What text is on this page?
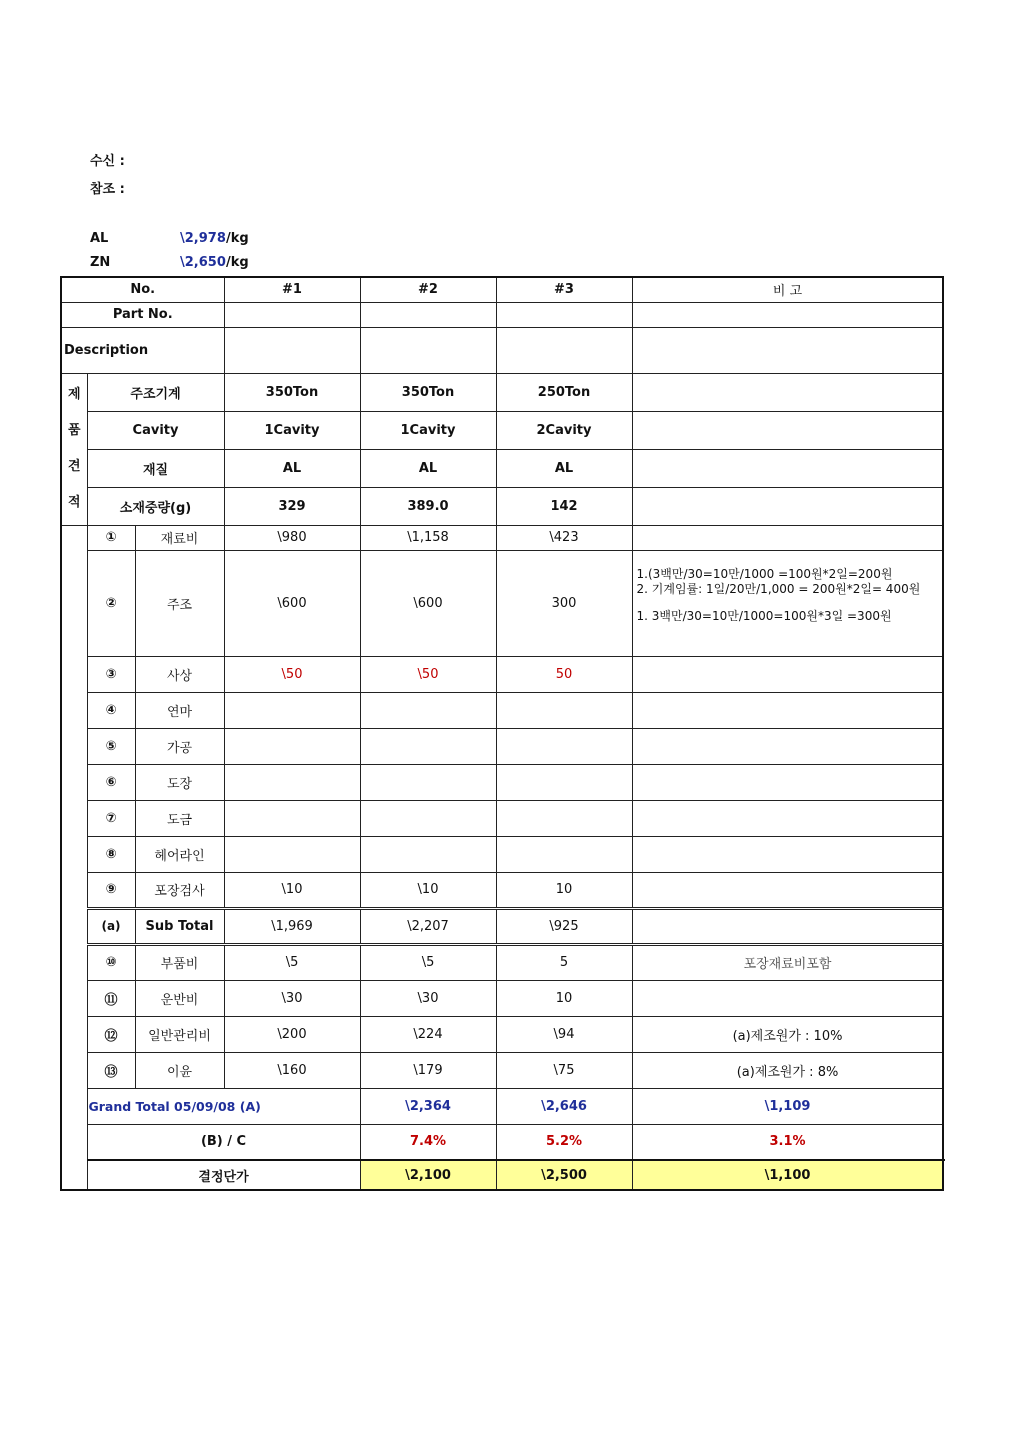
수신 :
참조 :
AL	\2,978 /kg
ZN	\2,650 /kg
No.			#1	#2	#3	비 고	
Part No.							
Description							

제
품
견
적	주조기계		350Ton	350Ton	250Ton		
	Cavity		1Cavity	1Cavity	2Cavity		
	재질		AL	AL	AL		
	소재중량(g)		329	389.0	142		
	①	재료비	\980	\1,158	\423		
	②	주조	\600	\600	300	1.(3백만/30=10만/1000 =100원*2일=200원
2. 기계임률: 1일/20만/1,000 = 200원*2일= 400원
1. 3백만/30=10만/1000=100원*3일 =300원	

	③	사상	\50	\50	50		
	④	연마					
	⑤	가공					
	⑥	도장					
	⑦	도금					
	⑧	헤어라인					
	⑨	포장검사	\10	\10	10		
	(a)	Sub Total	\1,969	\2,207	\925		
	⑩	부품비	\5	\5	5	포장재료비포함	
	⑪	운반비	\30	\30	10		
	⑫	일반관리비	\200	\224	\94	(a)제조원가 : 10%	
	⑬	이윤	\160	\179	\75	(a)제조원가 : 8%	
	Grand Total 05/09/08 (A)			\2,364	\2,646	\1,109	
	(B) / C			7.4%	5.2%	3.1%	
	결정단가			\2,100	\2,500	\1,100	
